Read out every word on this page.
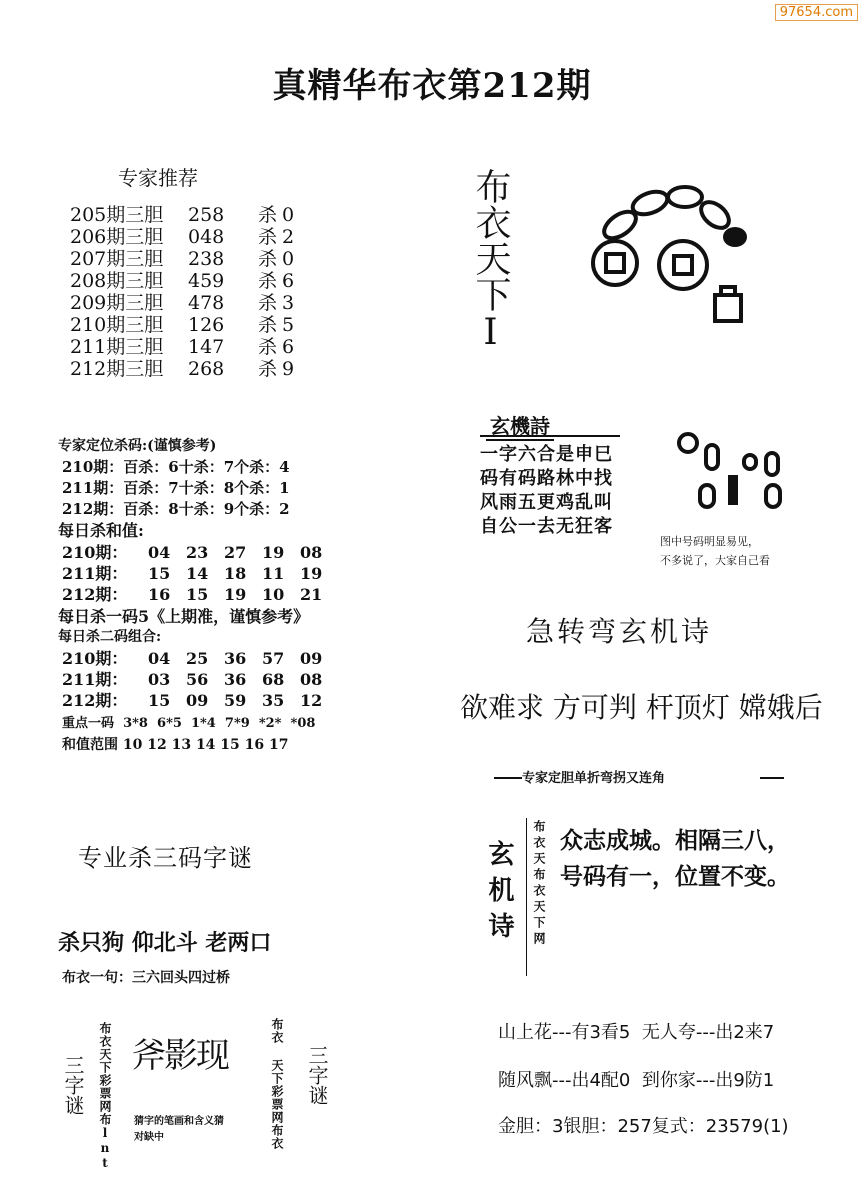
97654.com
真精华布衣第212期
专家推荐
205期三胆 258 杀 0
206期三胆 048 杀 2
207期三胆 238 杀 0
208期三胆 459 杀 6
209期三胆 478 杀 3
210期三胆 126 杀 5
211期三胆 147 杀 6
212期三胆 268 杀 9
专家定位杀码:(谨慎参考)
210期：百杀：6十杀：7个杀：4
211期：百杀：7十杀：8个杀：1
212期：百杀：8十杀：9个杀：2
每日杀和值:
210期： 04 23 27 19 08
211期： 15 14 18 11 19
212期： 16 15 19 10 21
每日杀一码5《上期准，谨慎参考》
每日杀二码组合:
210期： 04 25 36 57 09
211期： 03 56 36 68 08
212期： 15 09 59 35 12
重点一码 3*8  6*5  1*4  7*9  *2*  *08
和值范围 10 12 13 14 15 16 17
布衣天下I
玄機詩
一字六合是申巳
码有码路林中找
风雨五更鸡乱叫
自公一去无狂客
图中号码明显易见，
不多说了，大家自己看
急转弯玄机诗
欲难求 方可判 杆顶灯 嫦娥后
专家定胆单折弯拐又连角
玄机诗 布衣天布衣天下网 众志成城。相隔三八，
号码有一，位置不变。
山上花---有3看5  无人夸---出2来7
随风飘---出4配0  到你家---出9防1
金胆：3银胆：257复式：23579(1)
专业杀三码字谜
杀只狗 仰北斗 老两口
布衣一句：三六回头四过桥
三字谜 布衣天下彩票网布lnt 斧影现
猜字的笔画和含义猜
对缺中	布衣 天下彩票网布衣 三字谜
